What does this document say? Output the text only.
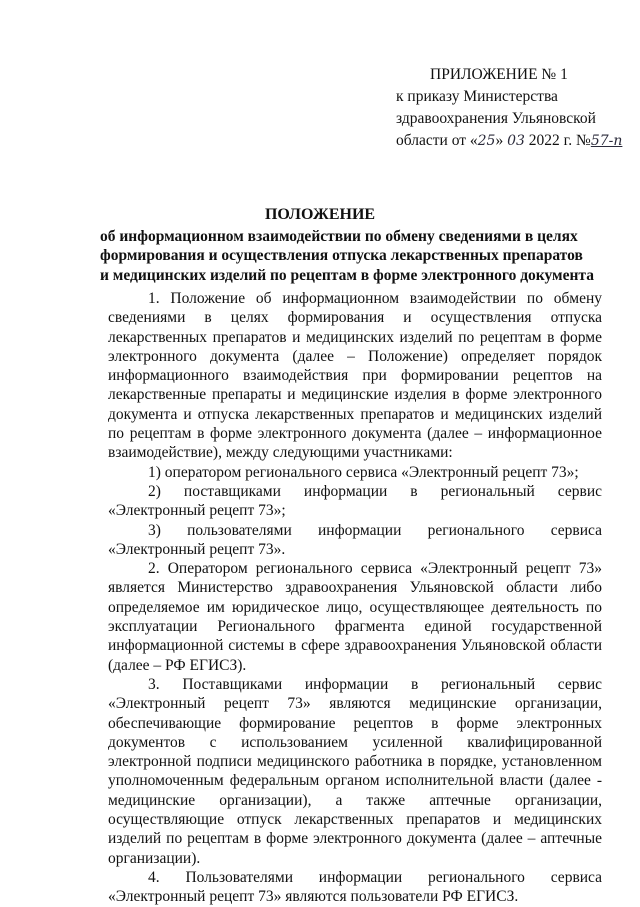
ПРИЛОЖЕНИЕ № 1
к приказу Министерства
здравоохранения Ульяновской
области от «25» 03 2022 г. №57-п
ПОЛОЖЕНИЕ
об информационном взаимодействии по обмену сведениями в целях
формирования и осуществления отпуска лекарственных препаратов
и медицинских изделий по рецептам в форме электронного документа

1. Положение об информационном взаимодействии по обмену сведениями в целях формирования и осуществления отпуска лекарственных препаратов и медицинских изделий по рецептам в форме электронного документа (далее – Положение) определяет порядок информационного взаимодействия при формировании рецептов на лекарственные препараты и медицинские изделия в форме электронного документа и отпуска лекарственных препаратов и медицинских изделий по рецептам в форме электронного документа (далее – информационное взаимодействие), между следующими участниками:

1) оператором регионального сервиса «Электронный рецепт 73»;

2) поставщиками информации в региональный сервис «Электронный рецепт 73»;

3) пользователями информации регионального сервиса «Электронный рецепт 73».

2. Оператором регионального сервиса «Электронный рецепт 73» является Министерство здравоохранения Ульяновской области либо определяемое им юридическое лицо, осуществляющее деятельность по эксплуатации Регионального фрагмента единой государственной информационной системы в сфере здравоохранения Ульяновской области (далее – РФ ЕГИСЗ).

3. Поставщиками информации в региональный сервис «Электронный рецепт 73» являются медицинские организации, обеспечивающие формирование рецептов в форме электронных документов с использованием усиленной квалифицированной электронной подписи медицинского работника в порядке, установленном уполномоченным федеральным органом исполнительной власти (далее - медицинские организации), а также аптечные организации, осуществляющие отпуск лекарственных препаратов и медицинских изделий по рецептам в форме электронного документа (далее – аптечные организации).

4. Пользователями информации регионального сервиса «Электронный рецепт 73» являются пользователи РФ ЕГИСЗ.
